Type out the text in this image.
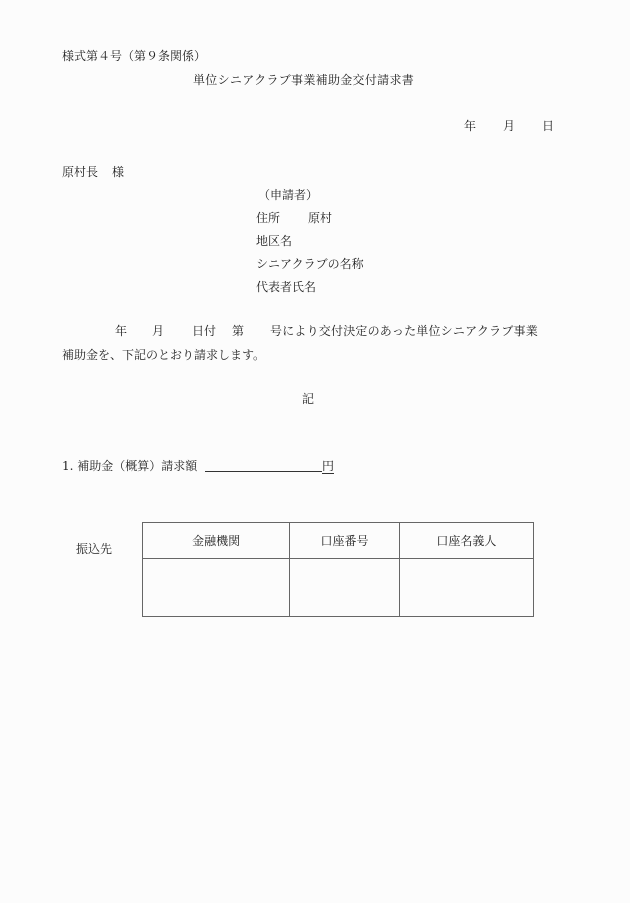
様式第４号（第９条関係）
単位シニアクラブ事業補助金交付請求書
年 月 日
原村長 様
（申請者）
住所 原村
地区名
シニアクラブの名称
代表者氏名
年 月 日付 第 号により交付決定のあった単位シニアクラブ事業
補助金を、下記のとおり請求します。
記
1. 補助金（概算）請求額	円
振込先
金融機関	口座番号	口座名義人
